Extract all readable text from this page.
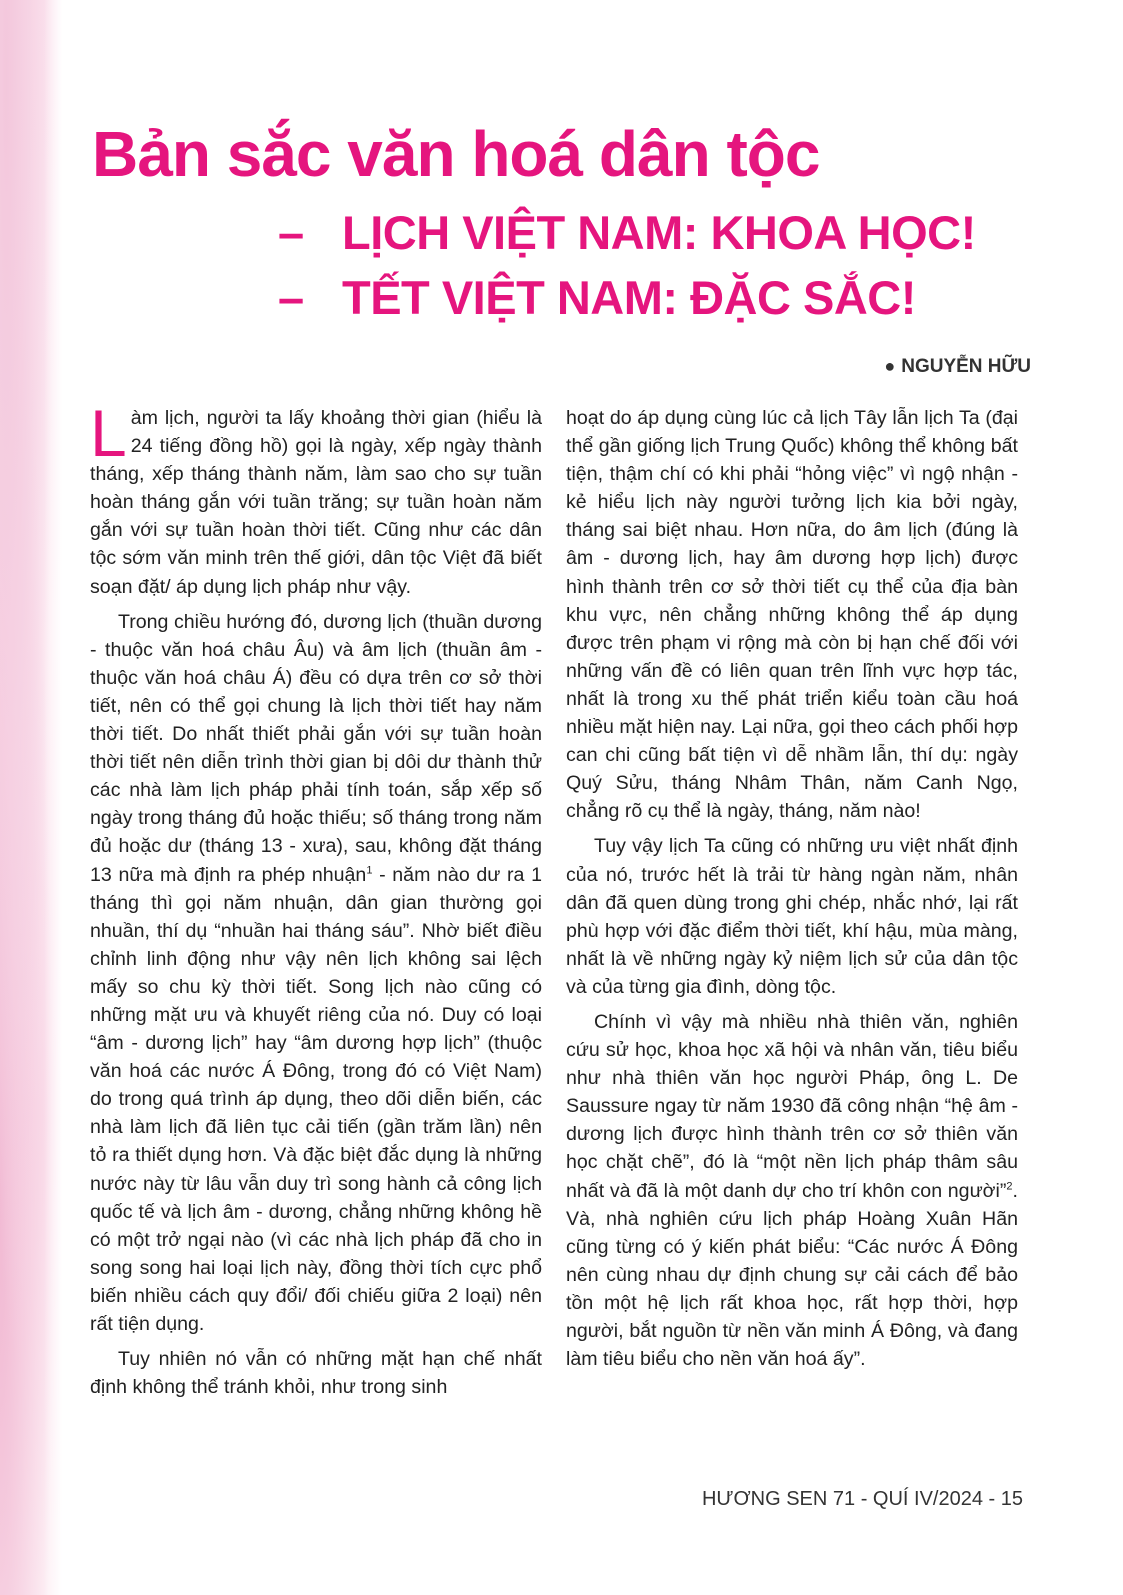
Bản sắc văn hoá dân tộc
– LỊCH VIỆT NAM: KHOA HỌC!
– TẾT VIỆT NAM: ĐẶC SẮC!
● NGUYỄN HỮU

Làm lịch, người ta lấy khoảng thời gian (hiểu là 24 tiếng đồng hồ) gọi là ngày, xếp ngày thành tháng, xếp tháng thành năm, làm sao cho sự tuần hoàn tháng gắn với tuần trăng; sự tuần hoàn năm gắn với sự tuần hoàn thời tiết. Cũng như các dân tộc sớm văn minh trên thế giới, dân tộc Việt đã biết soạn đặt/ áp dụng lịch pháp như vậy.

Trong chiều hướng đó, dương lịch (thuần dương - thuộc văn hoá châu Âu) và âm lịch (thuần âm - thuộc văn hoá châu Á) đều có dựa trên cơ sở thời tiết, nên có thể gọi chung là lịch thời tiết hay năm thời tiết. Do nhất thiết phải gắn với sự tuần hoàn thời tiết nên diễn trình thời gian bị dôi dư thành thử các nhà làm lịch pháp phải tính toán, sắp xếp số ngày trong tháng đủ hoặc thiếu; số tháng trong năm đủ hoặc dư (tháng 13 - xưa), sau, không đặt tháng 13 nữa mà định ra phép nhuận$^1$ - năm nào dư ra 1 tháng thì gọi năm nhuận, dân gian thường gọi nhuần, thí dụ “nhuần hai tháng sáu”. Nhờ biết điều chỉnh linh động như vậy nên lịch không sai lệch mấy so chu kỳ thời tiết. Song lịch nào cũng có những mặt ưu và khuyết riêng của nó. Duy có loại “âm - dương lịch” hay “âm dương hợp lịch” (thuộc văn hoá các nước Á Đông, trong đó có Việt Nam) do trong quá trình áp dụng, theo dõi diễn biến, các nhà làm lịch đã liên tục cải tiến (gần trăm lần) nên tỏ ra thiết dụng hơn. Và đặc biệt đắc dụng là những nước này từ lâu vẫn duy trì song hành cả công lịch quốc tế và lịch âm - dương, chẳng những không hề có một trở ngại nào (vì các nhà lịch pháp đã cho in song song hai loại lịch này, đồng thời tích cực phổ biến nhiều cách quy đổi/ đối chiếu giữa 2 loại) nên rất tiện dụng.

Tuy nhiên nó vẫn có những mặt hạn chế nhất định không thể tránh khỏi, như trong sinh

hoạt do áp dụng cùng lúc cả lịch Tây lẫn lịch Ta (đại thể gần giống lịch Trung Quốc) không thể không bất tiện, thậm chí có khi phải “hỏng việc” vì ngộ nhận - kẻ hiểu lịch này người tưởng lịch kia bởi ngày, tháng sai biệt nhau. Hơn nữa, do âm lịch (đúng là âm - dương lịch, hay âm dương hợp lịch) được hình thành trên cơ sở thời tiết cụ thể của địa bàn khu vực, nên chẳng những không thể áp dụng được trên phạm vi rộng mà còn bị hạn chế đối với những vấn đề có liên quan trên lĩnh vực hợp tác, nhất là trong xu thế phát triển kiểu toàn cầu hoá nhiều mặt hiện nay. Lại nữa, gọi theo cách phối hợp can chi cũng bất tiện vì dễ nhầm lẫn, thí dụ: ngày Quý Sửu, tháng Nhâm Thân, năm Canh Ngọ, chẳng rõ cụ thể là ngày, tháng, năm nào!

Tuy vậy lịch Ta cũng có những ưu việt nhất định của nó, trước hết là trải từ hàng ngàn năm, nhân dân đã quen dùng trong ghi chép, nhắc nhớ, lại rất phù hợp với đặc điểm thời tiết, khí hậu, mùa màng, nhất là về những ngày kỷ niệm lịch sử của dân tộc và của từng gia đình, dòng tộc.

Chính vì vậy mà nhiều nhà thiên văn, nghiên cứu sử học, khoa học xã hội và nhân văn, tiêu biểu như nhà thiên văn học người Pháp, ông L. De Saussure ngay từ năm 1930 đã công nhận “hệ âm - dương lịch được hình thành trên cơ sở thiên văn học chặt chẽ”, đó là “một nền lịch pháp thâm sâu nhất và đã là một danh dự cho trí khôn con người”$^2$. Và, nhà nghiên cứu lịch pháp Hoàng Xuân Hãn cũng từng có ý kiến phát biểu: “Các nước Á Đông nên cùng nhau dự định chung sự cải cách để bảo tồn một hệ lịch rất khoa học, rất hợp thời, hợp người, bắt nguồn từ nền văn minh Á Đông, và đang làm tiêu biểu cho nền văn hoá ấy”.

HƯƠNG SEN 71 - QUÍ IV/2024 - 15
